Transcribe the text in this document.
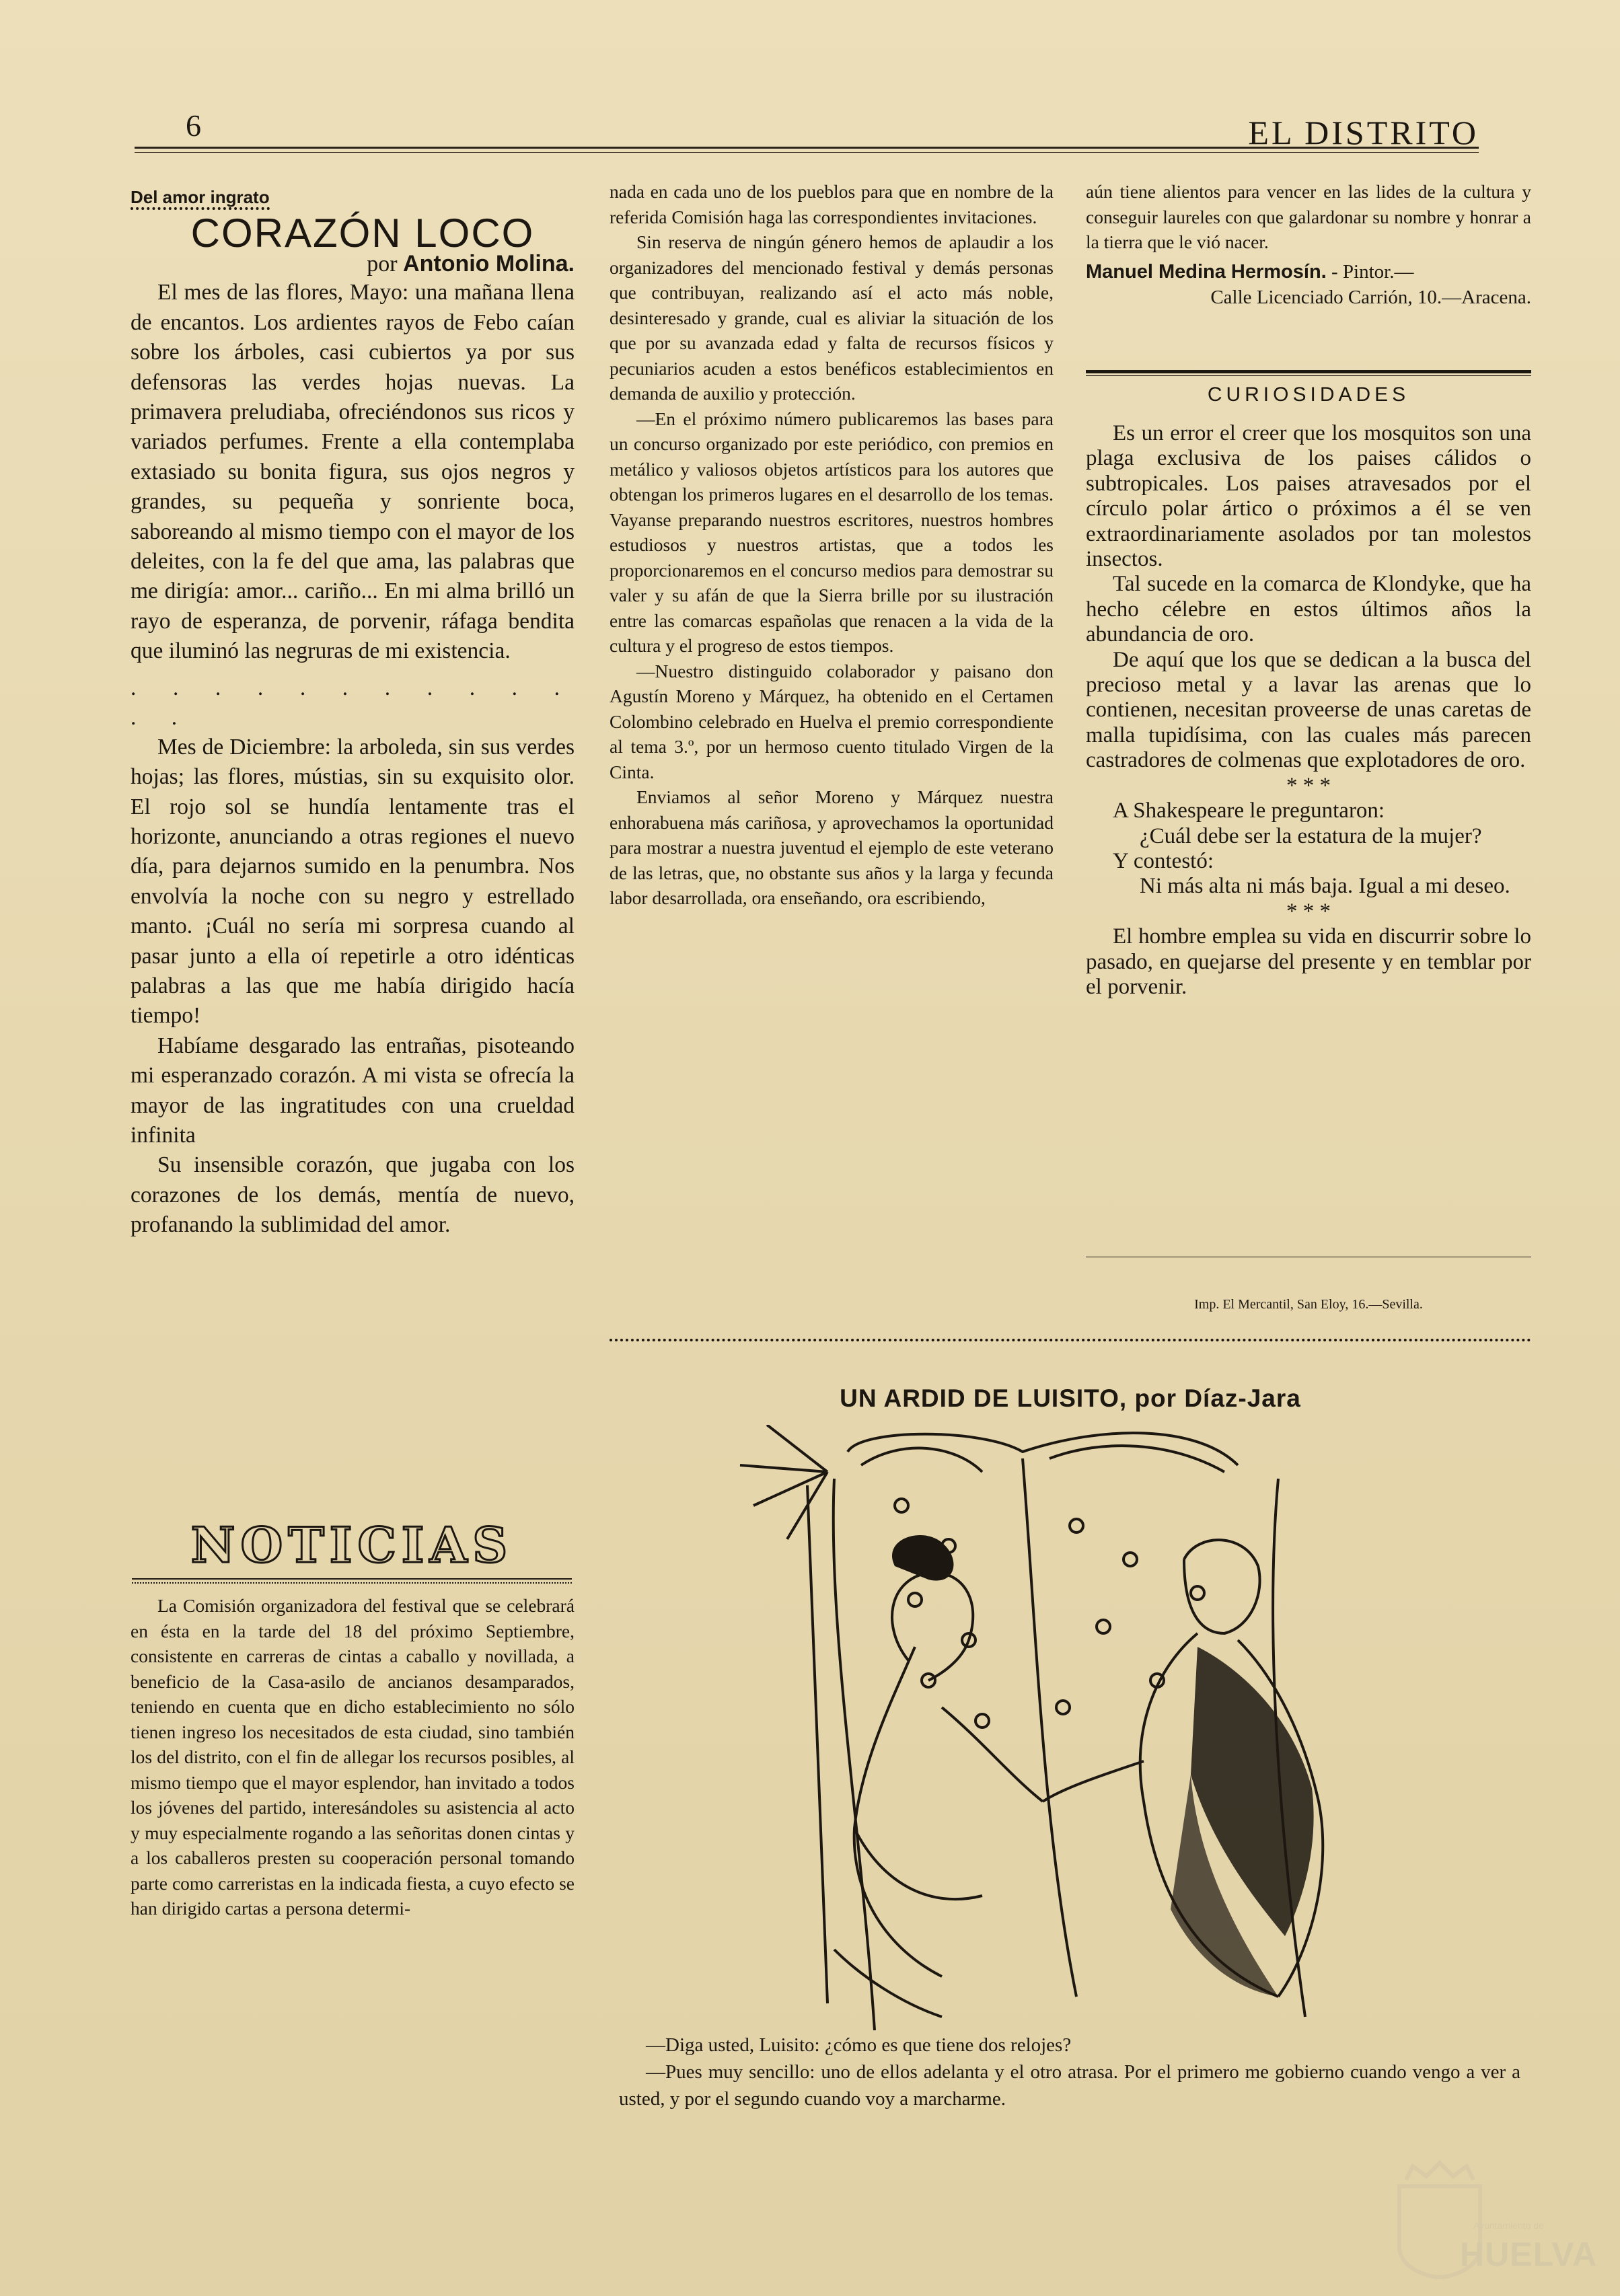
6	EL DISTRITO
Del amor ingrato
CORAZÓN LOCO
por Antonio Molina.

El mes de las flores, Mayo: una mañana llena de encantos. Los ardientes rayos de Febo caían sobre los árboles, casi cubiertos ya por sus defensoras las verdes hojas nuevas. La primavera preludiaba, ofreciéndonos sus ricos y variados perfumes. Frente a ella contemplaba extasiado su bonita figura, sus ojos negros y grandes, su pequeña y sonriente boca, saboreando al mismo tiempo con el mayor de los deleites, con la fe del que ama, las palabras que me dirigía: amor... cariño... En mi alma brilló un rayo de esperanza, de porvenir, ráfaga bendita que iluminó las negruras de mi existencia.

. . . . . . . . . . . . .

Mes de Diciembre: la arboleda, sin sus verdes hojas; las flores, mústias, sin su exquisito olor. El rojo sol se hundía lentamente tras el horizonte, anunciando a otras regiones el nuevo día, para dejarnos sumido en la penumbra. Nos envolvía la noche con su negro y estrellado manto. ¡Cuál no sería mi sorpresa cuando al pasar junto a ella oí repetirle a otro idénticas palabras a las que me había dirigido hacía tiempo!

Habíame desgarado las entrañas, pisoteando mi esperanzado corazón. A mi vista se ofrecía la mayor de las ingratitudes con una crueldad infinita

Su insensible corazón, que jugaba con los corazones de los demás, mentía de nuevo, profanando la sublimidad del amor.

NOTICIAS

La Comisión organizadora del festival que se celebrará en ésta en la tarde del 18 del próximo Septiembre, consistente en carreras de cintas a caballo y novillada, a beneficio de la Casa-asilo de ancianos desamparados, teniendo en cuenta que en dicho establecimiento no sólo tienen ingreso los necesitados de esta ciudad, sino también los del distrito, con el fin de allegar los recursos posibles, al mismo tiempo que el mayor esplendor, han invitado a todos los jóvenes del partido, interesándoles su asistencia al acto y muy especialmente rogando a las señoritas donen cintas y a los caballeros presten su cooperación personal tomando parte como carreristas en la indicada fiesta, a cuyo efecto se han dirigido cartas a persona determi-

nada en cada uno de los pueblos para que en nombre de la referida Comisión haga las correspondientes invitaciones.

Sin reserva de ningún género hemos de aplaudir a los organizadores del mencionado festival y demás personas que contribuyan, realizando así el acto más noble, desinteresado y grande, cual es aliviar la situación de los que por su avanzada edad y falta de recursos físicos y pecuniarios acuden a estos benéficos establecimientos en demanda de auxilio y protección.

—En el próximo número publicaremos las bases para un concurso organizado por este periódico, con premios en metálico y valiosos objetos artísticos para los autores que obtengan los primeros lugares en el desarrollo de los temas. Vayanse preparando nuestros escritores, nuestros hombres estudiosos y nuestros artistas, que a todos les proporcionaremos en el concurso medios para demostrar su valer y su afán de que la Sierra brille por su ilustración entre las comarcas españolas que renacen a la vida de la cultura y el progreso de estos tiempos.

—Nuestro distinguido colaborador y paisano don Agustín Moreno y Márquez, ha obtenido en el Certamen Colombino celebrado en Huelva el premio correspondiente al tema 3.º, por un hermoso cuento titulado Virgen de la Cinta.

Enviamos al señor Moreno y Márquez nuestra enhorabuena más cariñosa, y aprovechamos la oportunidad para mostrar a nuestra juventud el ejemplo de este veterano de las letras, que, no obstante sus años y la larga y fecunda labor desarrollada, ora enseñando, ora escribiendo,

aún tiene alientos para vencer en las lides de la cultura y conseguir laureles con que galardonar su nombre y honrar a la tierra que le vió nacer.

Manuel Medina Hermosín. - Pintor.—
Calle Licenciado Carrión, 10.—Aracena.
CURIOSIDADES

Es un error el creer que los mosquitos son una plaga exclusiva de los paises cálidos o subtropicales. Los paises atravesados por el círculo polar ártico o próximos a él se ven extraordinariamente asolados por tan molestos insectos.

Tal sucede en la comarca de Klondyke, que ha hecho célebre en estos últimos años la abundancia de oro.

De aquí que los que se dedican a la busca del precioso metal y a lavar las arenas que lo contienen, necesitan proveerse de unas caretas de malla tupidísima, con las cuales más parecen castradores de colmenas que explotadores de oro.

* * *

A Shakespeare le preguntaron:

¿Cuál debe ser la estatura de la mujer?

Y contestó:

Ni más alta ni más baja. Igual a mi deseo.

* * *

El hombre emplea su vida en discurrir sobre lo pasado, en quejarse del presente y en temblar por el porvenir.

Imp. El Mercantil, San Eloy, 16.—Sevilla.
UN ARDID DE LUISITO, por Díaz-Jara

—Diga usted, Luisito: ¿cómo es que tiene dos relojes?

—Pues muy sencillo: uno de ellos adelanta y el otro atrasa. Por el primero me gobierno cuando vengo a ver a usted, y por el segundo cuando voy a marcharme.

Ayuntamiento de
HUELVA
